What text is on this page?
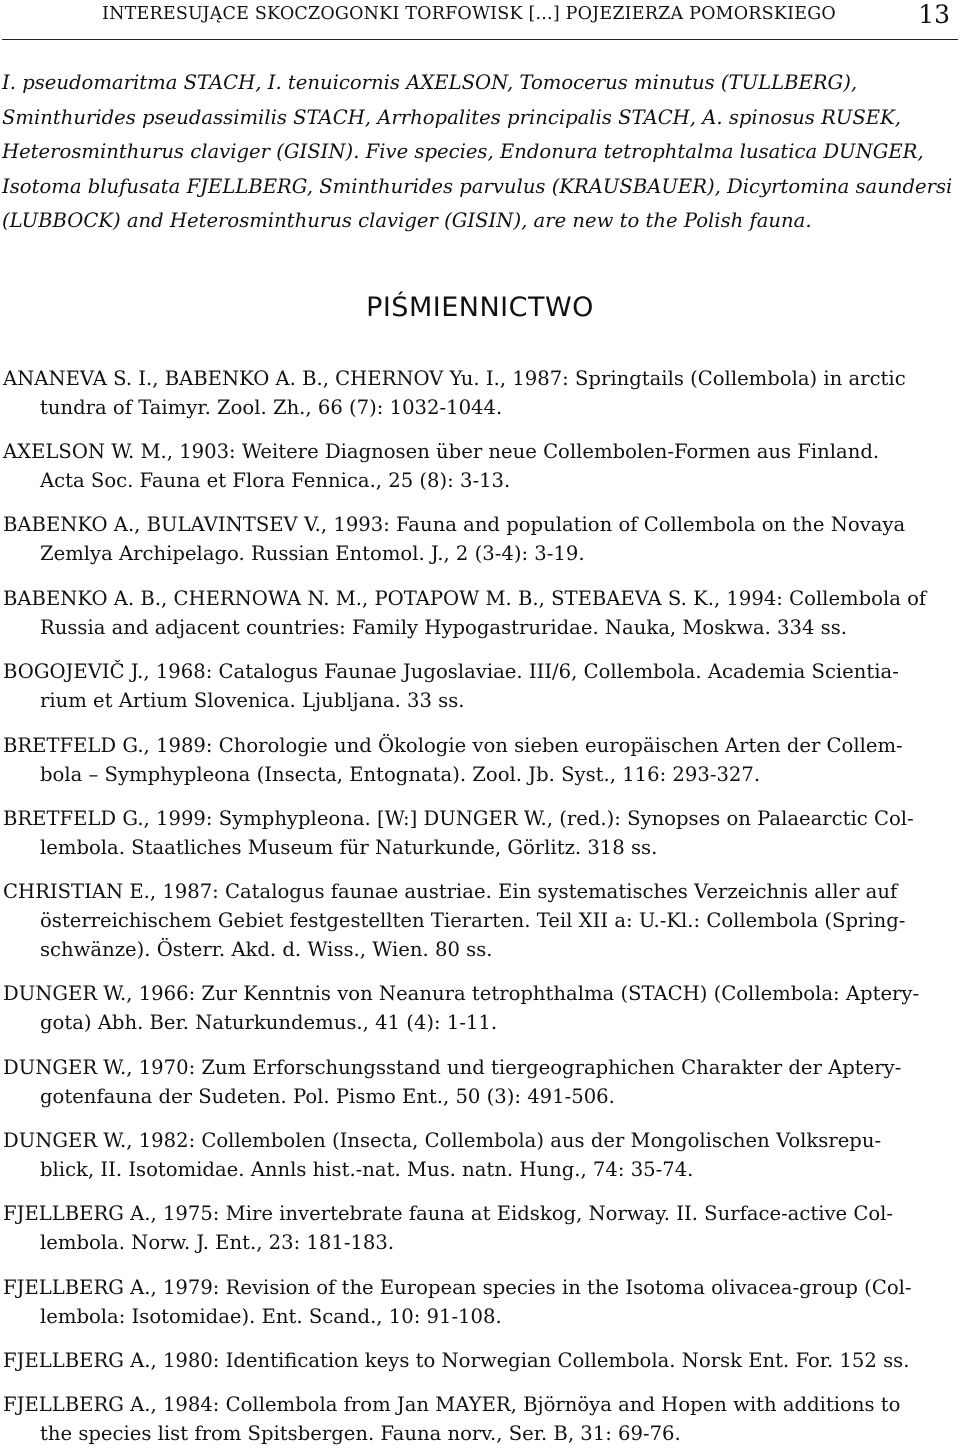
INTERESUJĄCE SKOCZOGONKI TORFOWISK [...] POJEZIERZA POMORSKIEGO	13
I. pseudomaritma STACH, I. tenuicornis AXELSON, Tomocerus minutus (TULLBERG),
Sminthurides pseudassimilis STACH, Arrhopalites principalis STACH, A. spinosus RUSEK,
Heterosminthurus claviger (GISIN). Five species, Endonura tetrophtalma lusatica DUNGER,
Isotoma blufusata FJELLBERG, Sminthurides parvulus (KRAUSBAUER), Dicyrtomina saundersi
(LUBBOCK) and Heterosminthurus claviger (GISIN), are new to the Polish fauna.
PIŚMIENNICTWO
ANANEVA S. I., BABENKO A. B., CHERNOV Yu. I., 1987: Springtails (Collembola) in arctic
tundra of Taimyr. Zool. Zh., 66 (7): 1032-1044.
AXELSON W. M., 1903: Weitere Diagnosen über neue Collembolen-Formen aus Finland.
Acta Soc. Fauna et Flora Fennica., 25 (8): 3-13.
BABENKO A., BULAVINTSEV V., 1993: Fauna and population of Collembola on the Novaya
Zemlya Archipelago. Russian Entomol. J., 2 (3-4): 3-19.
BABENKO A. B., CHERNOWA N. M., POTAPOW M. B., STEBAEVA S. K., 1994: Collembola of
Russia and adjacent countries: Family Hypogastruridae. Nauka, Moskwa. 334 ss.
BOGOJEVIČ J., 1968: Catalogus Faunae Jugoslaviae. III/6, Collembola. Academia Scientia-
rium et Artium Slovenica. Ljubljana. 33 ss.
BRETFELD G., 1989: Chorologie und Ökologie von sieben europäischen Arten der Collem-
bola – Symphypleona (Insecta, Entognata). Zool. Jb. Syst., 116: 293-327.
BRETFELD G., 1999: Symphypleona. [W:] DUNGER W., (red.): Synopses on Palaearctic Col-
lembola. Staatliches Museum für Naturkunde, Görlitz. 318 ss.
CHRISTIAN E., 1987: Catalogus faunae austriae. Ein systematisches Verzeichnis aller auf
österreichischem Gebiet festgestellten Tierarten. Teil XII a: U.-Kl.: Collembola (Spring-
schwänze). Österr. Akd. d. Wiss., Wien. 80 ss.
DUNGER W., 1966: Zur Kenntnis von Neanura tetrophthalma (STACH) (Collembola: Aptery-
gota) Abh. Ber. Naturkundemus., 41 (4): 1-11.
DUNGER W., 1970: Zum Erforschungsstand und tiergeographichen Charakter der Aptery-
gotenfauna der Sudeten. Pol. Pismo Ent., 50 (3): 491-506.
DUNGER W., 1982: Collembolen (Insecta, Collembola) aus der Mongolischen Volksrepu-
blick, II. Isotomidae. Annls hist.-nat. Mus. natn. Hung., 74: 35-74.
FJELLBERG A., 1975: Mire invertebrate fauna at Eidskog, Norway. II. Surface-active Col-
lembola. Norw. J. Ent., 23: 181-183.
FJELLBERG A., 1979: Revision of the European species in the Isotoma olivacea-group (Col-
lembola: Isotomidae). Ent. Scand., 10: 91-108.
FJELLBERG A., 1980: Identification keys to Norwegian Collembola. Norsk Ent. For. 152 ss.
FJELLBERG A., 1984: Collembola from Jan MAYER, Björnöya and Hopen with additions to
the species list from Spitsbergen. Fauna norv., Ser. B, 31: 69-76.
